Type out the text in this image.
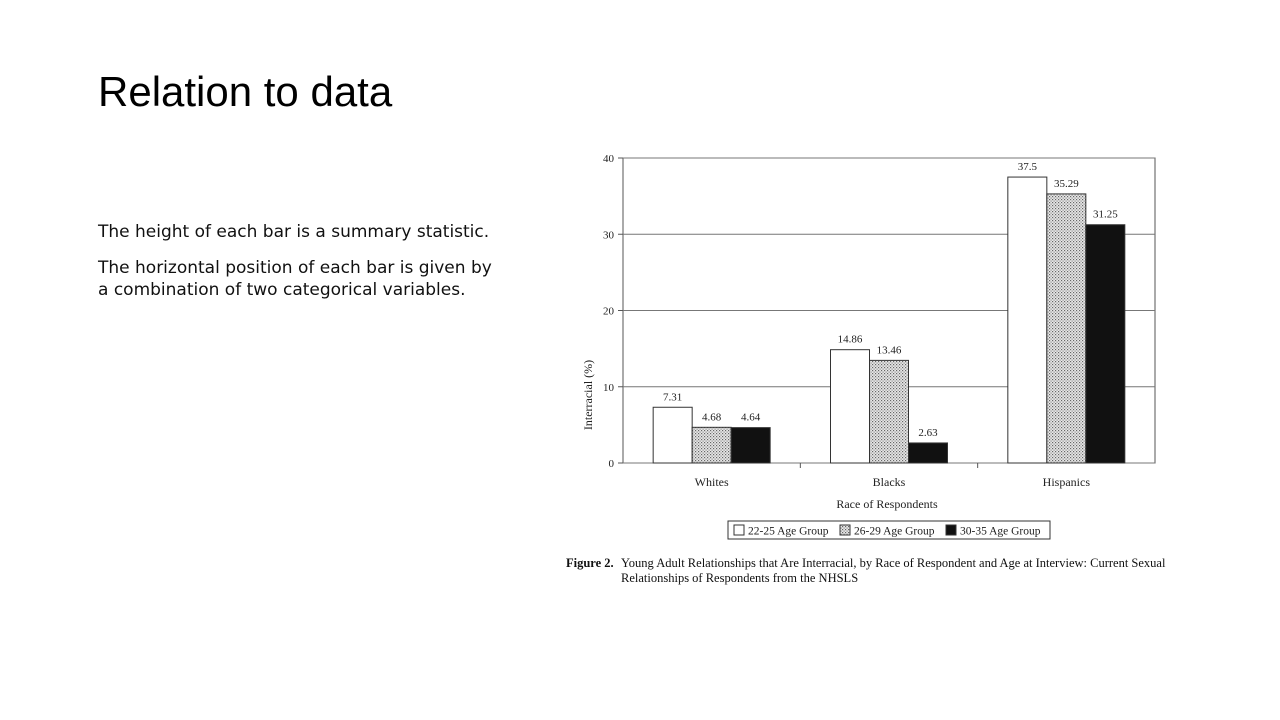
Relation to data

The height of each bar is a summary statistic.

The horizontal position of each bar is given by a combination of two categorical variables.

0
10
20
30
40
7.31
4.68 4.64
14.86
13.46
2.63
37.5
35.29
31.25
Whites	Blacks	Hispanics
Interracial (%)
Race of Respondents
22-25 Age Group 26-29 Age Group 30-35 Age Group
Figure 2. Young Adult Relationships that Are Interracial, by Race of Respondent and Age at Interview: Current Sexual Relationships of Respondents from the NHSLS
